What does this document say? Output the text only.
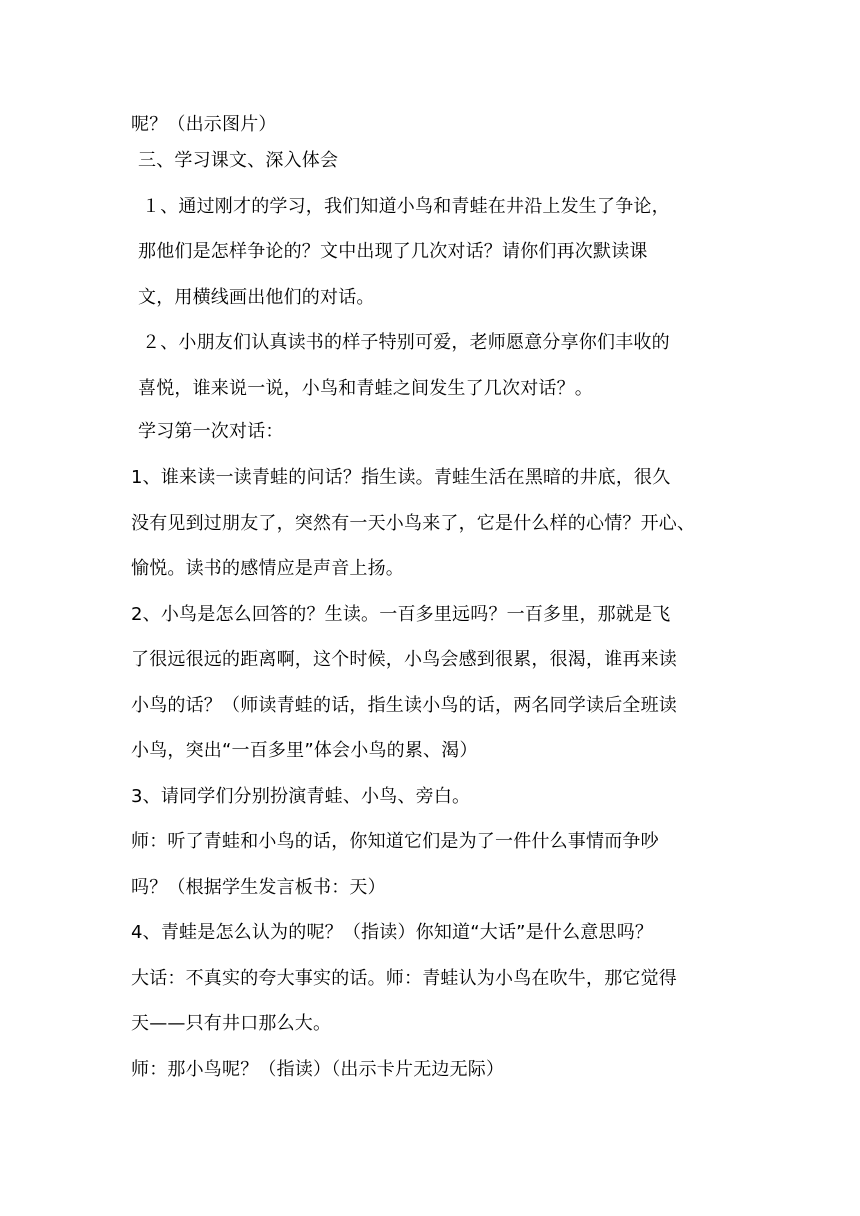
呢？（出示图片）
三、学习课文、深入体会
１、通过刚才的学习，我们知道小鸟和青蛙在井沿上发生了争论，
那他们是怎样争论的？文中出现了几次对话？请你们再次默读课
文，用横线画出他们的对话。
２、小朋友们认真读书的样子特别可爱，老师愿意分享你们丰收的
喜悦，谁来说一说，小鸟和青蛙之间发生了几次对话？。
学习第一次对话：
1、谁来读一读青蛙的问话？指生读。青蛙生活在黑暗的井底，很久
没有见到过朋友了，突然有一天小鸟来了，它是什么样的心情？开心、
愉悦。读书的感情应是声音上扬。
2、小鸟是怎么回答的？生读。一百多里远吗？一百多里，那就是飞
了很远很远的距离啊，这个时候，小鸟会感到很累，很渴，谁再来读
小鸟的话？（师读青蛙的话，指生读小鸟的话，两名同学读后全班读
小鸟，突出“一百多里”体会小鸟的累、渴）
3、请同学们分别扮演青蛙、小鸟、旁白。
师：听了青蛙和小鸟的话，你知道它们是为了一件什么事情而争吵
吗？（根据学生发言板书：天）
4、青蛙是怎么认为的呢？（指读）你知道“大话”是什么意思吗？
大话：不真实的夸大事实的话。师：青蛙认为小鸟在吹牛，那它觉得
天——只有井口那么大。
师：那小鸟呢？（指读）（出示卡片无边无际）
